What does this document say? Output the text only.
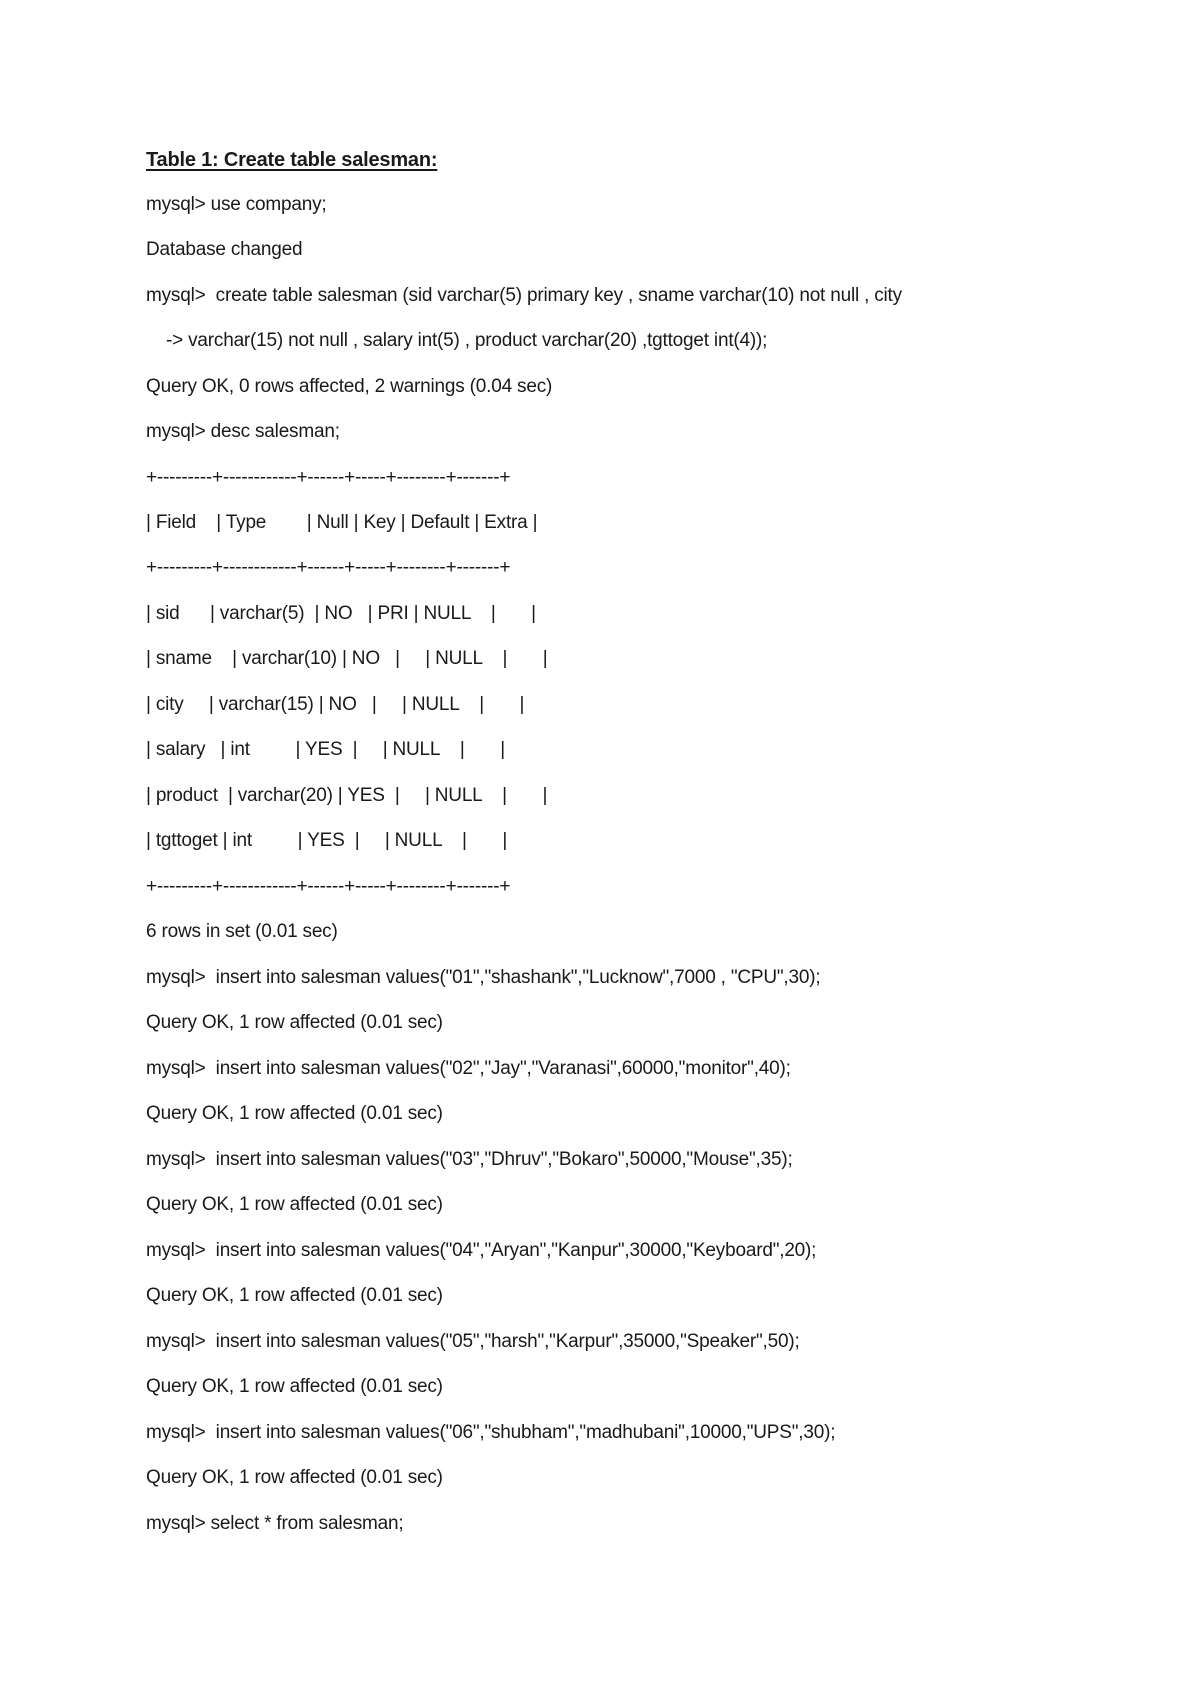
Table 1: Create table salesman:

mysql> use company;

Database changed

mysql>  create table salesman (sid varchar(5) primary key , sname varchar(10) not null , city

-> varchar(15) not null , salary int(5) , product varchar(20) ,tgttoget int(4));

Query OK, 0 rows affected, 2 warnings (0.04 sec)

mysql> desc salesman;

+---------+------------+------+-----+--------+-------+

| Field    | Type        | Null | Key | Default | Extra |

+---------+------------+------+-----+--------+-------+

| sid      | varchar(5)  | NO   | PRI | NULL    |       |

| sname    | varchar(10) | NO   |     | NULL    |       |

| city     | varchar(15) | NO   |     | NULL    |       |

| salary   | int         | YES  |     | NULL    |       |

| product  | varchar(20) | YES  |     | NULL    |       |

| tgttoget | int         | YES  |     | NULL    |       |

+---------+------------+------+-----+--------+-------+

6 rows in set (0.01 sec)

mysql>  insert into salesman values("01","shashank","Lucknow",7000 , "CPU",30);

Query OK, 1 row affected (0.01 sec)

mysql>  insert into salesman values("02","Jay","Varanasi",60000,"monitor",40);

Query OK, 1 row affected (0.01 sec)

mysql>  insert into salesman values("03","Dhruv","Bokaro",50000,"Mouse",35);

Query OK, 1 row affected (0.01 sec)

mysql>  insert into salesman values("04","Aryan","Kanpur",30000,"Keyboard",20);

Query OK, 1 row affected (0.01 sec)

mysql>  insert into salesman values("05","harsh","Karpur",35000,"Speaker",50);

Query OK, 1 row affected (0.01 sec)

mysql>  insert into salesman values("06","shubham","madhubani",10000,"UPS",30);

Query OK, 1 row affected (0.01 sec)

mysql> select * from salesman;
